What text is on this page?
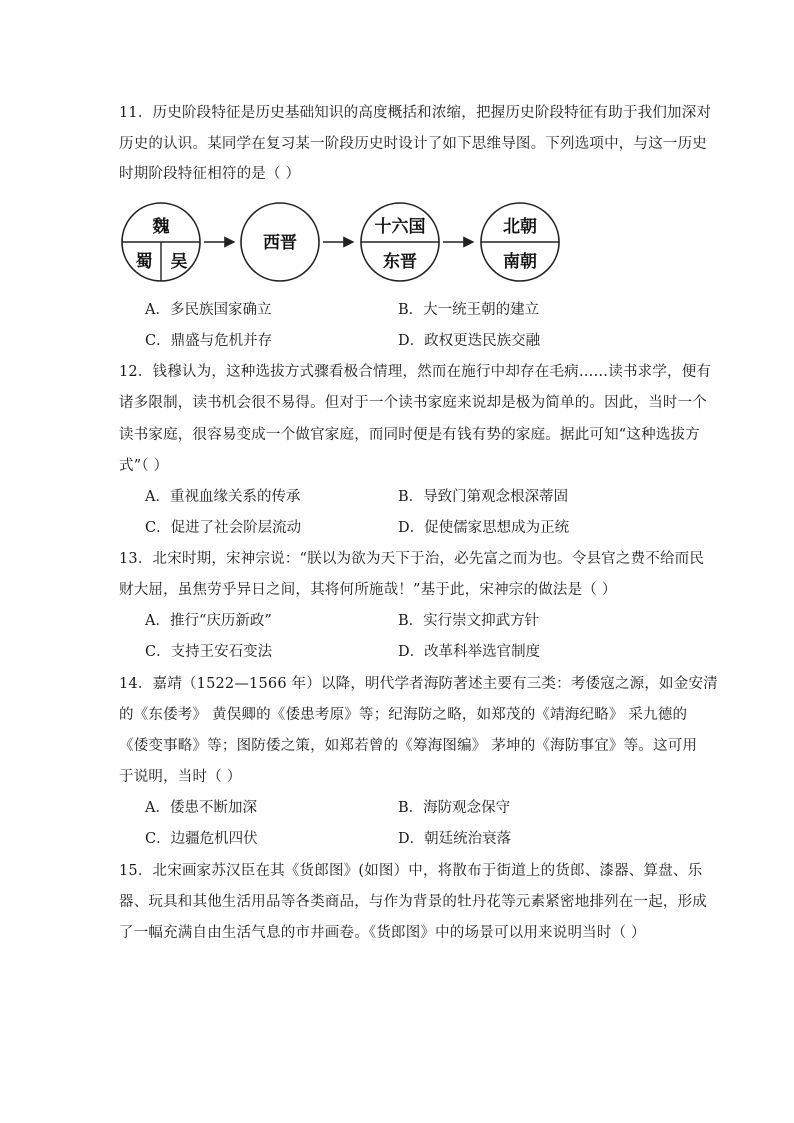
11．历史阶段特征是历史基础知识的高度概括和浓缩，把握历史阶段特征有助于我们加深对
历史的认识。某同学在复习某一阶段历史时设计了如下思维导图。下列选项中，与这一历史
时期阶段特征相符的是（ ）
魏
蜀 吴
西晋
十六国
东晋
北朝
南朝
A．多民族国家确立	B．大一统王朝的建立
C．鼎盛与危机并存	D．政权更迭民族交融
12．钱穆认为，这种选拔方式骤看极合情理，然而在施行中却存在毛病……读书求学，便有
诸多限制，读书机会很不易得。但对于一个读书家庭来说却是极为简单的。因此，当时一个
读书家庭，很容易变成一个做官家庭，而同时便是有钱有势的家庭。据此可知“这种选拔方
式”（ ）
A．重视血缘关系的传承	B．导致门第观念根深蒂固
C．促进了社会阶层流动	D．促使儒家思想成为正统
13．北宋时期，宋神宗说：“朕以为欲为天下于治，必先富之而为也。令县官之费不给而民
财大屈，虽焦劳乎异日之间，其将何所施哉！”基于此，宋神宗的做法是（ ）
A．推行“庆历新政”	B．实行崇文抑武方针
C．支持王安石变法	D．改革科举选官制度
14．嘉靖（1522—1566 年）以降，明代学者海防著述主要有三类：考倭寇之源，如金安清
的《东倭考》 黄俣卿的《倭患考原》等；纪海防之略，如郑茂的《靖海纪略》 采九德的
《倭变事略》等；图防倭之策，如郑若曾的《筹海图编》 茅坤的《海防事宜》等。这可用
于说明，当时（ ）
A．倭患不断加深	B．海防观念保守
C．边疆危机四伏	D．朝廷统治衰落
15．北宋画家苏汉臣在其《货郎图》(如图）中，将散布于街道上的货郎、漆器、算盘、乐
器、玩具和其他生活用品等各类商品，与作为背景的牡丹花等元素紧密地排列在一起，形成
了一幅充满自由生活气息的市井画卷。《货郎图》中的场景可以用来说明当时（ ）
